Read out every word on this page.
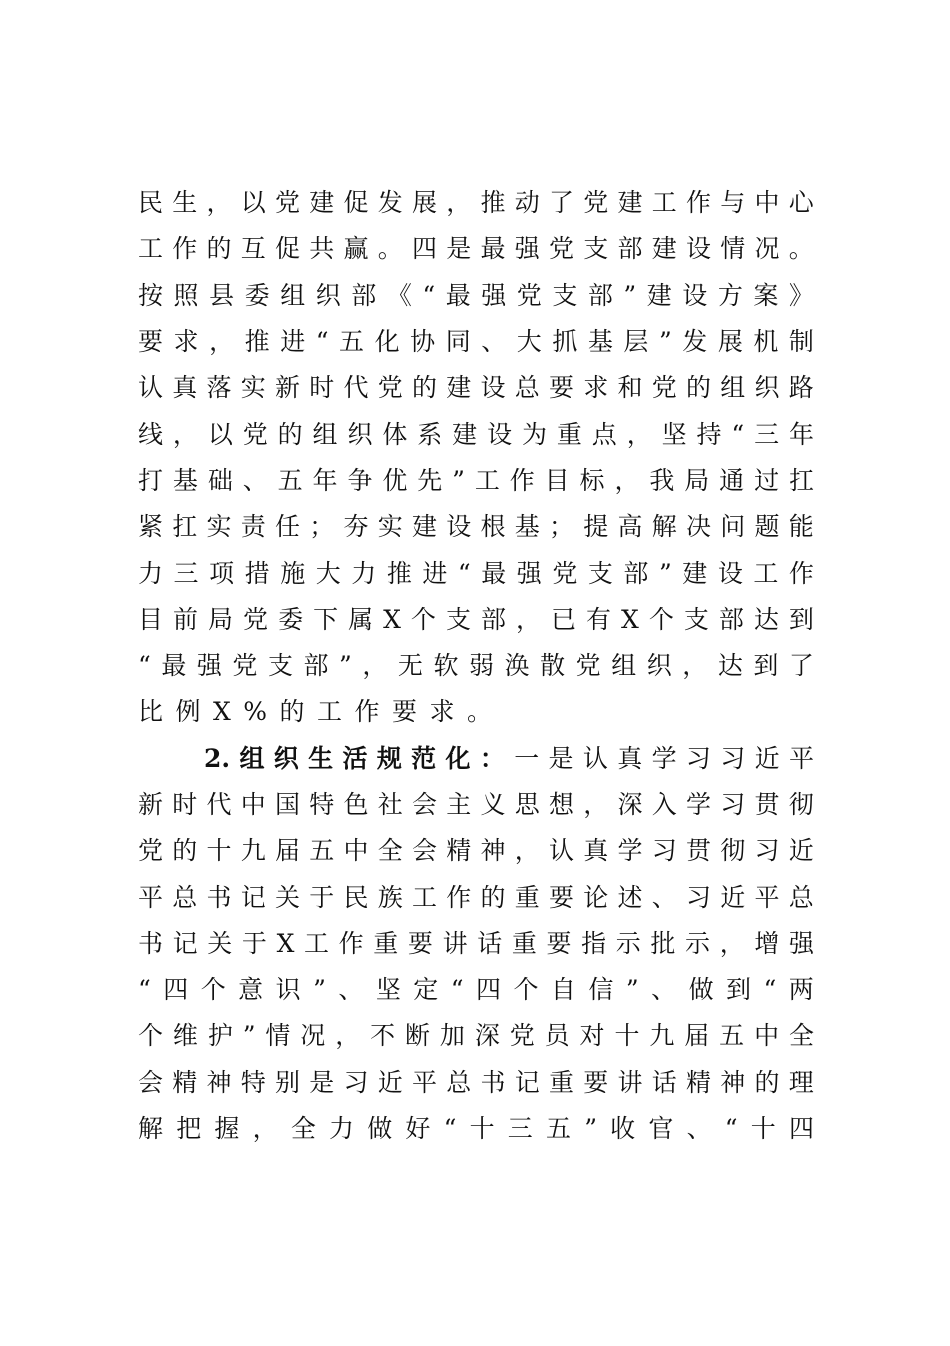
民 生 ， 以 党 建 促 发 展 ， 推 动 了 党 建 工 作 与 中 心
工 作 的 互 促 共 赢 。 四 是 最 强 党 支 部 建 设 情 况 。
按 照 县 委 组 织 部 《 “ 最 强 党 支 部 ” 建 设 方 案 》
要 求 ， 推 进 “ 五 化 协 同 、 大 抓 基 层 ” 发 展 机 制
认 真 落 实 新 时 代 党 的 建 设 总 要 求 和 党 的 组 织 路
线 ， 以 党 的 组 织 体 系 建 设 为 重 点 ， 坚 持 “ 三 年
打 基 础 、 五 年 争 优 先 ” 工 作 目 标 ， 我 局 通 过 扛
紧 扛 实 责 任 ； 夯 实 建 设 根 基 ； 提 高 解 决 问 题 能
力 三 项 措 施 大 力 推 进 “ 最 强 党 支 部 ” 建 设 工 作
目 前 局 党 委 下 属 X 个 支 部 ， 已 有 X 个 支 部 达 到
“ 最 强 党 支 部 ” ， 无 软 弱 涣 散 党 组 织 ， 达 到 了
比例X%的工作要求。
2. 组 织 生 活 规 范 化 ： 一 是 认 真 学 习 习 近 平
新 时 代 中 国 特 色 社 会 主 义 思 想 ， 深 入 学 习 贯 彻
党 的 十 九 届 五 中 全 会 精 神 ， 认 真 学 习 贯 彻 习 近
平 总 书 记 关 于 民 族 工 作 的 重 要 论 述 、 习 近 平 总
书 记 关 于 X 工 作 重 要 讲 话 重 要 指 示 批 示 ， 增 强
“ 四 个 意 识 ” 、 坚 定 “ 四 个 自 信 ” 、 做 到 “ 两
个 维 护 ” 情 况 ， 不 断 加 深 党 员 对 十 九 届 五 中 全
会 精 神 特 别 是 习 近 平 总 书 记 重 要 讲 话 精 神 的 理
解 把 握 ， 全 力 做 好 “ 十 三 五 ” 收 官 、 “ 十 四
